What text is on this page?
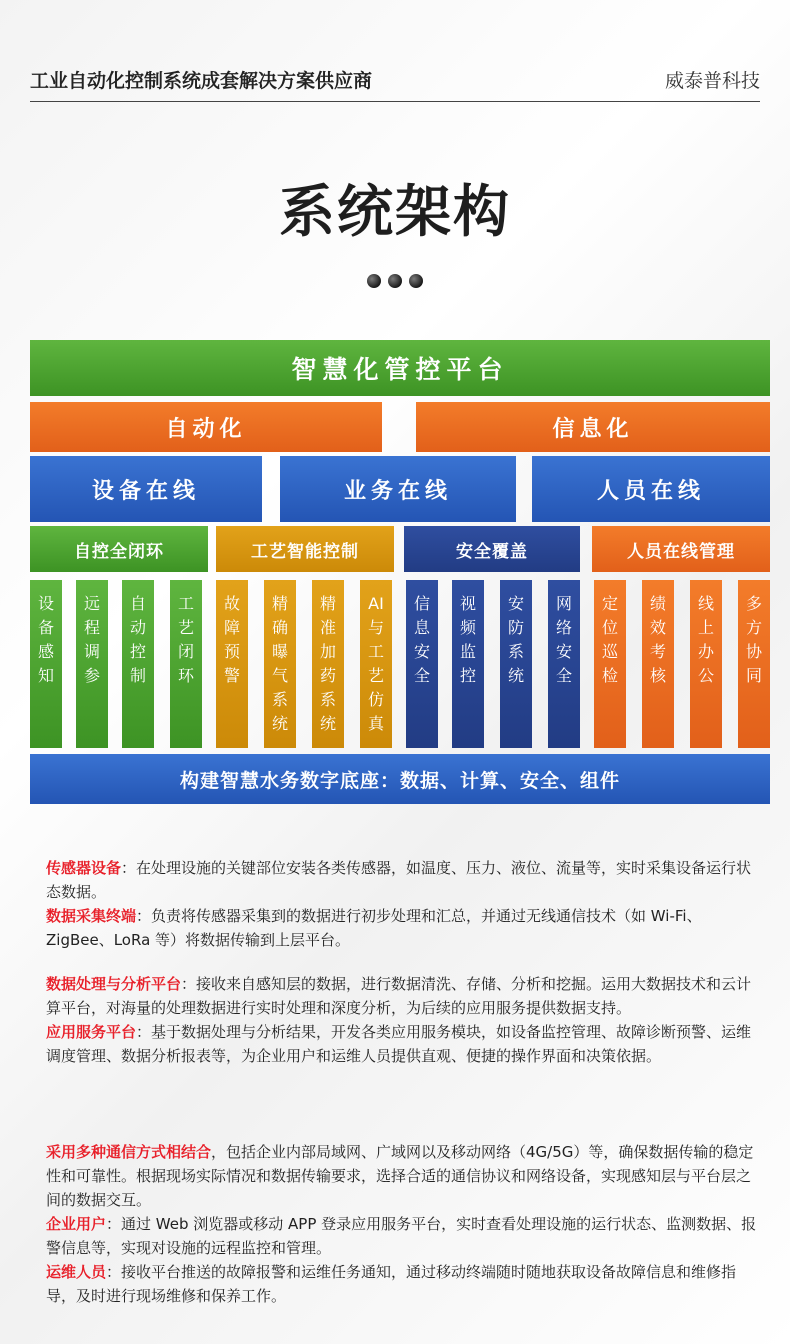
工业自动化控制系统成套解决方案供应商	威泰普科技
系统架构
智慧化管控平台
自动化	信息化
设备在线	业务在线	人员在线
自控全闭环	工艺智能控制	安全覆盖	人员在线管理
设备感知
远程调参
自动控制
工艺闭环
故障预警
精确曝气系统
精准加药系统
AI与工艺仿真
信息安全
视频监控
安防系统
网络安全
定位巡检
绩效考核
线上办公
多方协同
构建智慧水务数字底座：数据、计算、安全、组件

传感器设备：在处理设施的关键部位安装各类传感器，如温度、压力、液位、流量等，实时采集设备运行状态数据。

数据采集终端：负责将传感器采集到的数据进行初步处理和汇总，并通过无线通信技术（如 Wi-Fi、ZigBee、LoRa 等）将数据传输到上层平台。

数据处理与分析平台：接收来自感知层的数据，进行数据清洗、存储、分析和挖掘。运用大数据技术和云计算平台，对海量的处理数据进行实时处理和深度分析，为后续的应用服务提供数据支持。

应用服务平台：基于数据处理与分析结果，开发各类应用服务模块，如设备监控管理、故障诊断预警、运维调度管理、数据分析报表等，为企业用户和运维人员提供直观、便捷的操作界面和决策依据。

采用多种通信方式相结合，包括企业内部局域网、广域网以及移动网络（4G/5G）等，确保数据传输的稳定性和可靠性。根据现场实际情况和数据传输要求，选择合适的通信协议和网络设备，实现感知层与平台层之间的数据交互。

企业用户：通过 Web 浏览器或移动 APP 登录应用服务平台，实时查看处理设施的运行状态、监测数据、报警信息等，实现对设施的远程监控和管理。

运维人员：接收平台推送的故障报警和运维任务通知，通过移动终端随时随地获取设备故障信息和维修指导，及时进行现场维修和保养工作。
